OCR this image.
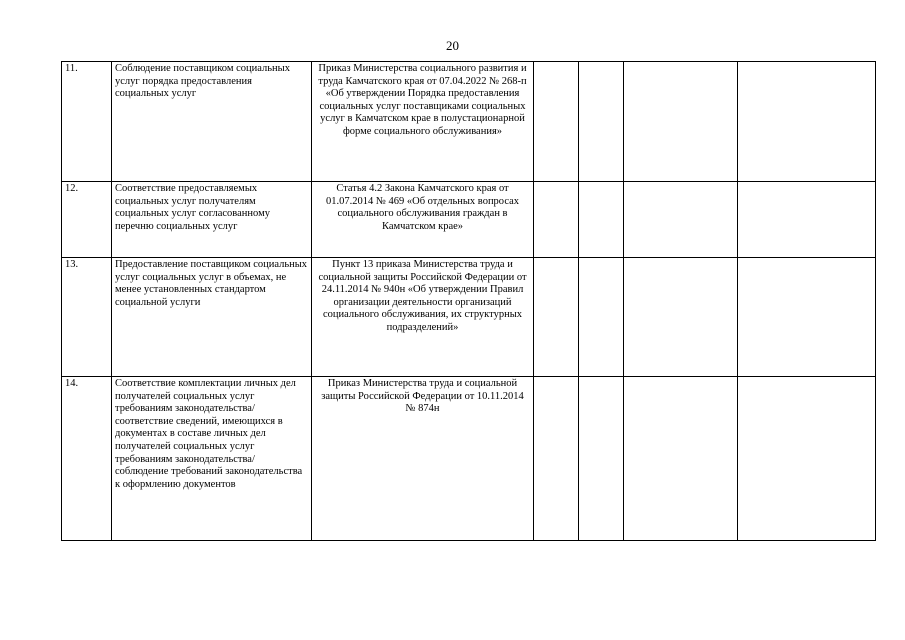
20
11.	Соблюдение поставщиком социальных услуг порядка предоставления социальных услуг	Приказ Министерства социального развития и труда Камчатского края от 07.04.2022 № 268-п «Об утверждении Порядка предоставления социальных услуг поставщиками социальных услуг в Камчатском крае в полустационарной форме социального обслуживания»				
12.	Соответствие предоставляемых социальных услуг получателям социальных услуг согласованному перечню социальных услуг	Статья 4.2 Закона Камчатского края от 01.07.2014 № 469 «Об отдельных вопросах социального обслуживания граждан в Камчатском крае»				
13.	Предоставление поставщиком социальных услуг социальных услуг в объемах, не менее установленных стандартом социальной услуги	Пункт 13 приказа Министерства труда и социальной защиты Российской Федерации от 24.11.2014 № 940н «Об утверждении Правил организации деятельности организаций социального обслуживания, их структурных подразделений»				
14.	Соответствие комплектации личных дел получателей социальных услуг требованиям законодательства/соответствие сведений, имеющихся в документах в составе личных дел получателей социальных услуг требованиям законодательства/ соблюдение требований законодательства к оформлению документов	Приказ Министерства труда и социальной защиты Российской Федерации от 10.11.2014 № 874н				
